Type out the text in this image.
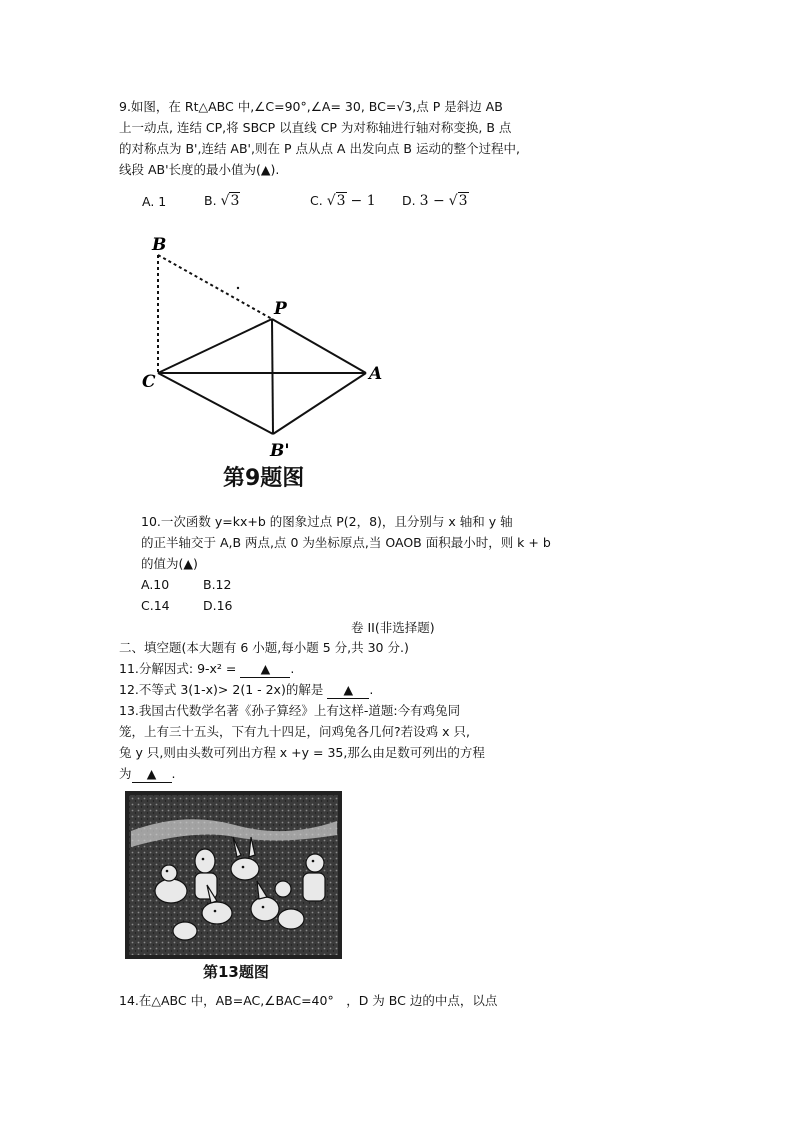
9.如图，在 Rt△ABC 中,∠C=90°,∠A= 30, BC=√3,点 P 是斜边 AB
上一动点, 连结 CP,将 SBCP 以直线 CP 为对称轴进行轴对称变换, B 点
的对称点为 B',连结 AB',则在 P 点从点 A 出发向点 B 运动的整个过程中,
线段 AB'长度的最小值为(▲).
A. 1	B. √3	C. √3 − 1 D. 3 − √3
B
P
C	A
B'
第9题图
10.一次函数 y=kx+b 的图象过点 P(2，8)，且分别与 x 轴和 y 轴
的正半轴交于 A,B 两点,点 0 为坐标原点,当 OAOB 面积最小时，则 k + b
的值为(▲)
A.10	B.12
C.14	D.16
卷 II(非选择题)
二、填空题(本大题有 6 小题,每小题 5 分,共 30 分.)
11.分解因式: 9-x² = ▲ .
12.不等式 3(1-x)> 2(1 - 2x)的解是 ▲ .
13.我国古代数学名著《孙子算经》上有这样-道题:今有鸡兔同
笼，上有三十五头，下有九十四足，问鸡兔各几何?若设鸡 x 只,
兔 y 只,则由头数可列出方程 x +y = 35,那么由足数可列出的方程
为 ▲ .
第13题图
14.在△ABC 中，AB=AC,∠BAC=40°　，D 为 BC 边的中点，以点
